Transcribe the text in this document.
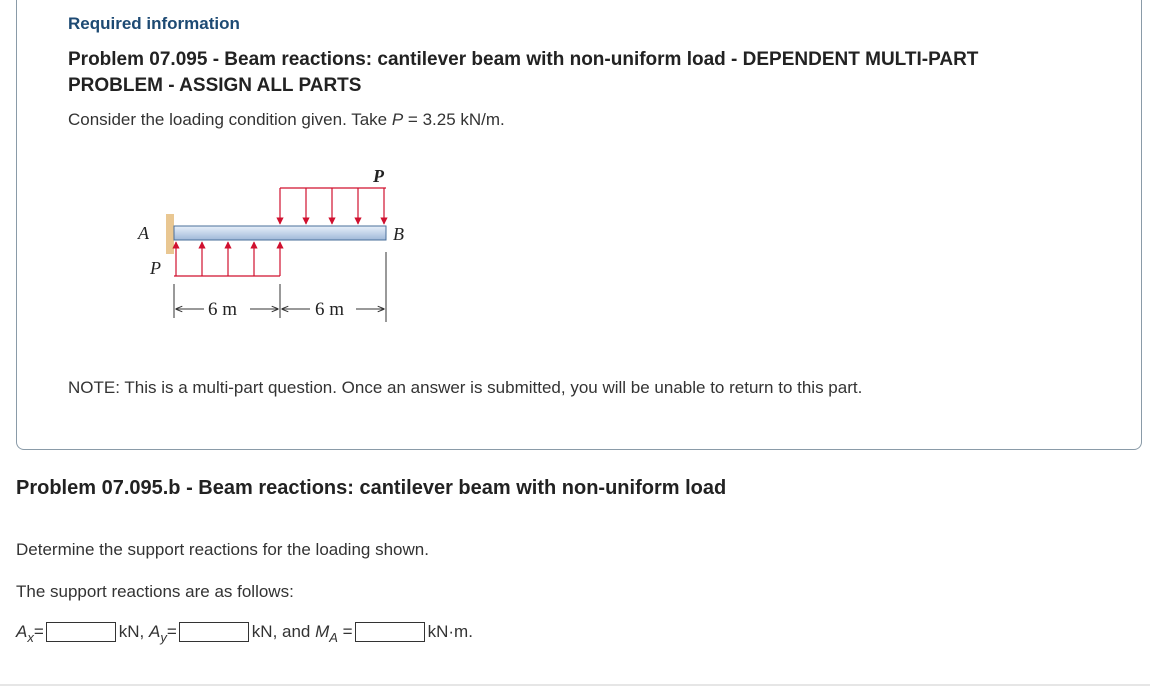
Required information
Problem 07.095 - Beam reactions: cantilever beam with non-uniform load - DEPENDENT MULTI-PART PROBLEM - ASSIGN ALL PARTS
Consider the loading condition given. Take P = 3.25 kN/m.
P
A	B
P
6 m	6 m
NOTE: This is a multi-part question. Once an answer is submitted, you will be unable to return to this part.
Problem 07.095.b - Beam reactions: cantilever beam with non-uniform load
Determine the support reactions for the loading shown.
The support reactions are as follows:
A x =	kN, A y =	kN, and M A =	kN·m.
